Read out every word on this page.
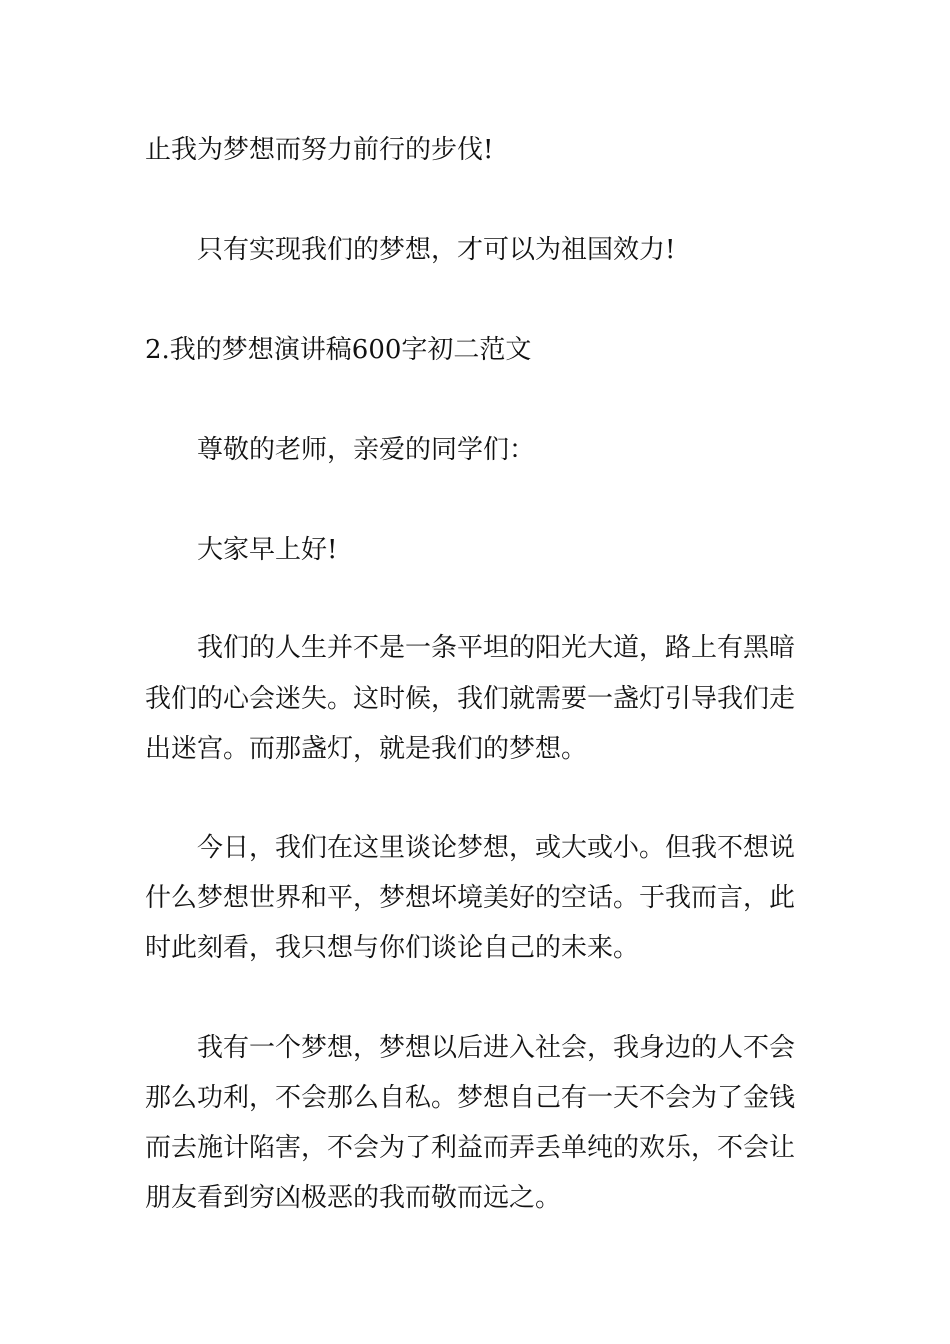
止我为梦想而努力前行的步伐!

只有实现我们的梦想，才可以为祖国效力!

2.我的梦想演讲稿600字初二范文

尊敬的老师，亲爱的同学们：

大家早上好!

我们的人生并不是一条平坦的阳光大道，路上有黑暗

我们的心会迷失。这时候，我们就需要一盏灯引导我们走

出迷宫。而那盏灯，就是我们的梦想。

今日，我们在这里谈论梦想，或大或小。但我不想说

什么梦想世界和平，梦想坏境美好的空话。于我而言，此

时此刻看，我只想与你们谈论自己的未来。

我有一个梦想，梦想以后进入社会，我身边的人不会

那么功利，不会那么自私。梦想自己有一天不会为了金钱

而去施计陷害，不会为了利益而弄丢单纯的欢乐，不会让

朋友看到穷凶极恶的我而敬而远之。
